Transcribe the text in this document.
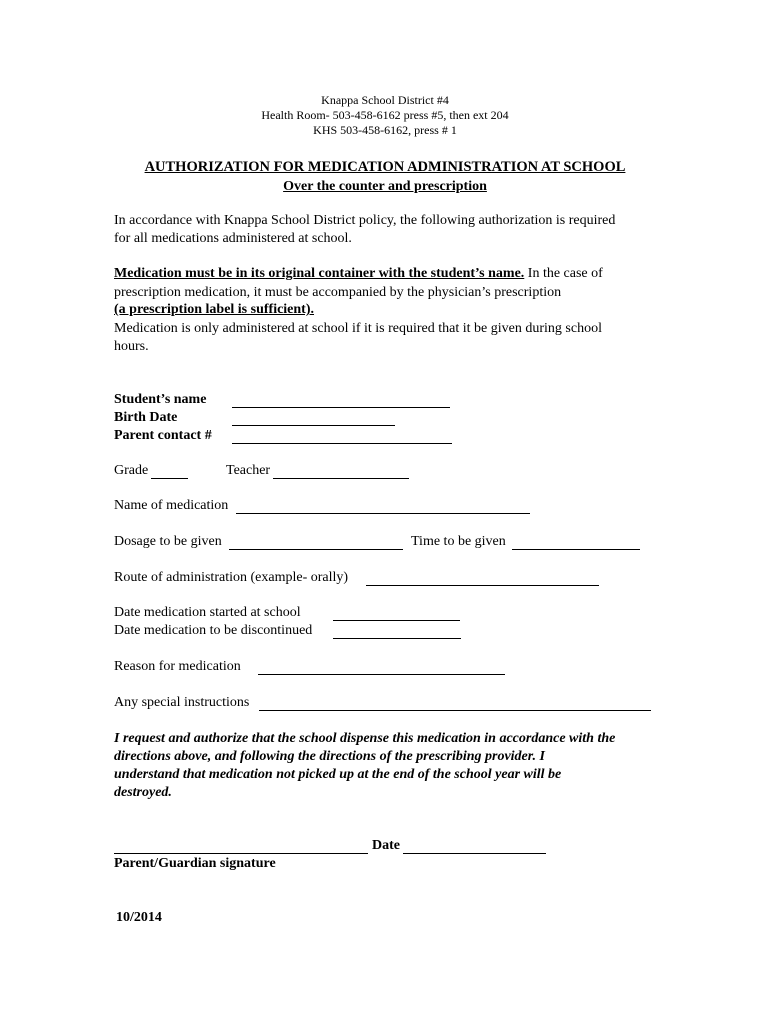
Knappa School District #4
Health Room- 503-458-6162 press #5, then ext 204
KHS 503-458-6162, press # 1
AUTHORIZATION FOR MEDICATION ADMINISTRATION AT SCHOOL
Over the counter and prescription
In accordance with Knappa School District policy, the following authorization is required
for all medications administered at school.
Medication must be in its original container with the student’s name. In the case of
prescription medication, it must be accompanied by the physician’s prescription
(a prescription label is sufficient).
Medication is only administered at school if it is required that it be given during school
hours.
Student’s name
Birth Date
Parent contact #
Grade	Teacher
Name of medication
Dosage to be given	Time to be given
Route of administration (example- orally)
Date medication started at school
Date medication to be discontinued
Reason for medication
Any special instructions
I request and authorize that the school dispense this medication in accordance with the
directions above, and following the directions of the prescribing provider. I
understand that medication not picked up at the end of the school year will be
destroyed.
Date
Parent/Guardian signature
10/2014
